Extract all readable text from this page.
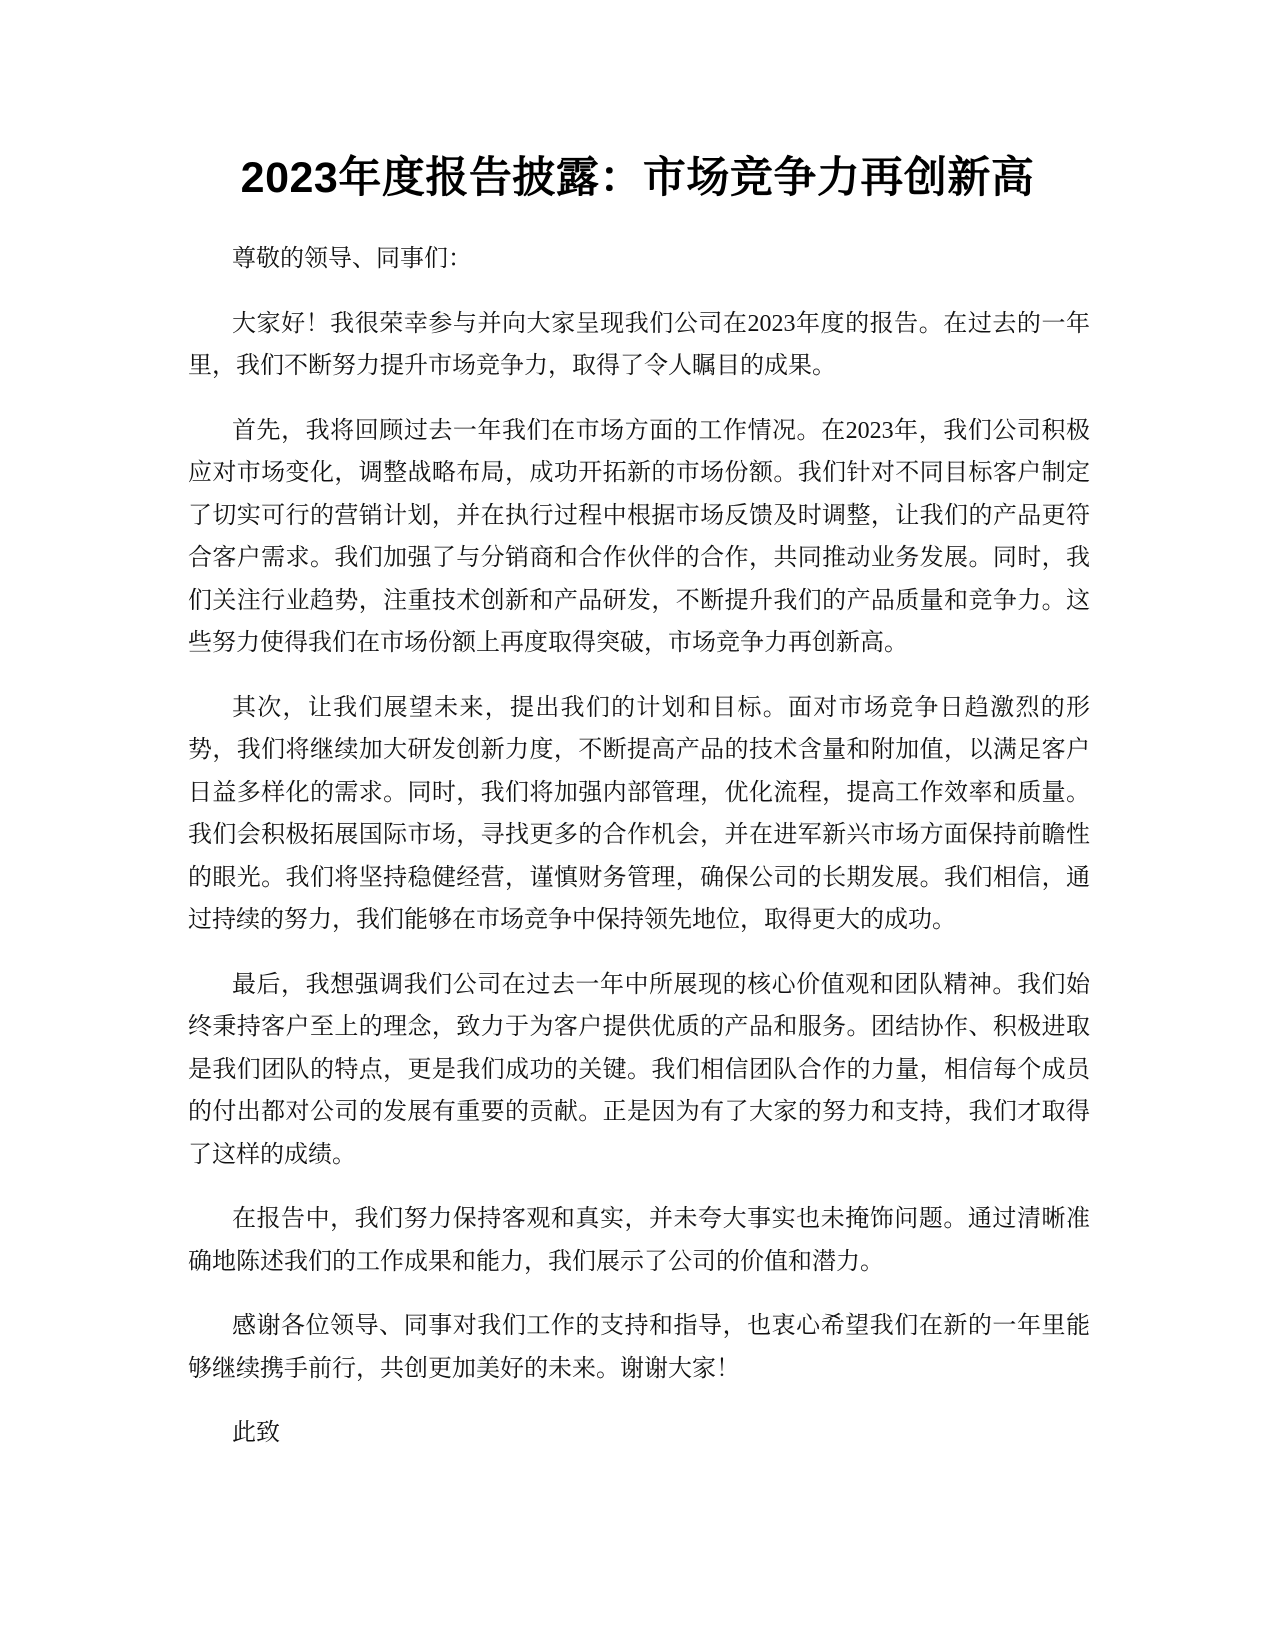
2023年度报告披露：市场竞争力再创新高

尊敬的领导、同事们：

大家好！我很荣幸参与并向大家呈现我们公司在2023年度的报告。在过去的一年里，我们不断努力提升市场竞争力，取得了令人瞩目的成果。

首先，我将回顾过去一年我们在市场方面的工作情况。在2023年，我们公司积极应对市场变化，调整战略布局，成功开拓新的市场份额。我们针对不同目标客户制定了切实可行的营销计划，并在执行过程中根据市场反馈及时调整，让我们的产品更符合客户需求。我们加强了与分销商和合作伙伴的合作，共同推动业务发展。同时，我们关注行业趋势，注重技术创新和产品研发，不断提升我们的产品质量和竞争力。这些努力使得我们在市场份额上再度取得突破，市场竞争力再创新高。

其次，让我们展望未来，提出我们的计划和目标。面对市场竞争日趋激烈的形势，我们将继续加大研发创新力度，不断提高产品的技术含量和附加值，以满足客户日益多样化的需求。同时，我们将加强内部管理，优化流程，提高工作效率和质量。我们会积极拓展国际市场，寻找更多的合作机会，并在进军新兴市场方面保持前瞻性的眼光。我们将坚持稳健经营，谨慎财务管理，确保公司的长期发展。我们相信，通过持续的努力，我们能够在市场竞争中保持领先地位，取得更大的成功。

最后，我想强调我们公司在过去一年中所展现的核心价值观和团队精神。我们始终秉持客户至上的理念，致力于为客户提供优质的产品和服务。团结协作、积极进取是我们团队的特点，更是我们成功的关键。我们相信团队合作的力量，相信每个成员的付出都对公司的发展有重要的贡献。正是因为有了大家的努力和支持，我们才取得了这样的成绩。

在报告中，我们努力保持客观和真实，并未夸大事实也未掩饰问题。通过清晰准确地陈述我们的工作成果和能力，我们展示了公司的价值和潜力。

感谢各位领导、同事对我们工作的支持和指导，也衷心希望我们在新的一年里能够继续携手前行，共创更加美好的未来。谢谢大家！

此致
